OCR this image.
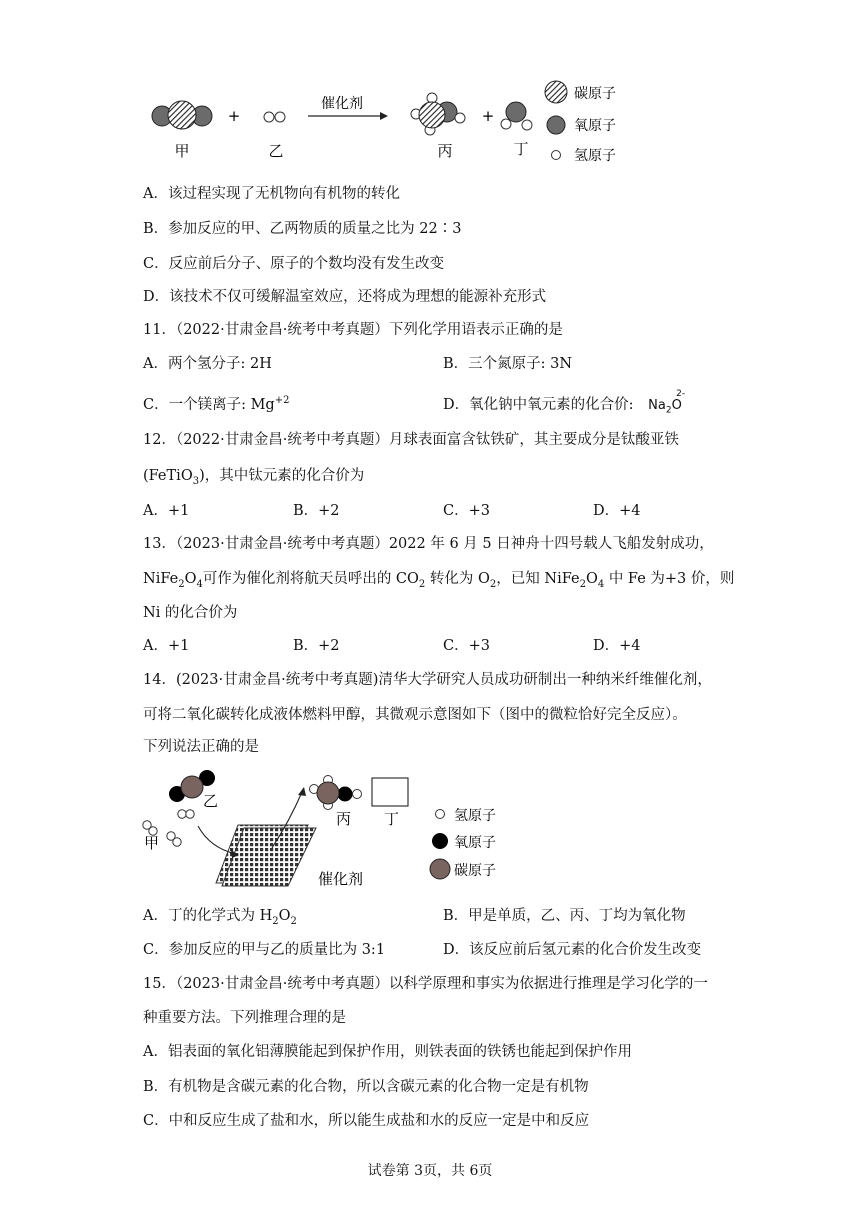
甲
+
乙
催化剂
丙
+
丁
碳原子
氧原子
氢原子
A．该过程实现了无机物向有机物的转化
B．参加反应的甲、乙两物质的质量之比为 22∶3
C．反应前后分子、原子的个数均没有发生改变
D．该技术不仅可缓解温室效应，还将成为理想的能源补充形式
11．（2022·甘肃金昌·统考中考真题）下列化学用语表示正确的是
A．两个氢分子: 2H	B．三个氮原子: 3N
C．一个镁离子: $Mg^{+2}$	D．氧化钠中氧元素的化合价: $Na_2O$
2-
12．（2022·甘肃金昌·统考中考真题）月球表面富含钛铁矿，其主要成分是钛酸亚铁
(FeTiO$_3$)，其中钛元素的化合价为
A．+1	B．+2	C．+3	D．+4
13．（2023·甘肃金昌·统考中考真题）2022 年 6 月 5 日神舟十四号载人飞船发射成功，
$NiFe_2O_4$可作为催化剂将航天员呼出的 $CO_2$ 转化为 $O_2$，已知 $NiFe_2O_4$ 中 Fe 为+3 价，则
Ni 的化合价为
A．+1	B．+2	C．+3	D．+4
14．(2023·甘肃金昌·统考中考真题)清华大学研究人员成功研制出一种纳米纤维催化剂，
可将二氧化碳转化成液体燃料甲醇，其微观示意图如下（图中的微粒恰好完全反应）。
下列说法正确的是
乙
甲
催化剂
丙 丁	氢原子
氧原子
碳原子
A．丁的化学式为 $H_2O_2$	B．甲是单质，乙、丙、丁均为氧化物
C．参加反应的甲与乙的质量比为 3:1	D．该反应前后氢元素的化合价发生改变
15．（2023·甘肃金昌·统考中考真题）以科学原理和事实为依据进行推理是学习化学的一
种重要方法。下列推理合理的是
A．铝表面的氧化铝薄膜能起到保护作用，则铁表面的铁锈也能起到保护作用
B．有机物是含碳元素的化合物，所以含碳元素的化合物一定是有机物
C．中和反应生成了盐和水，所以能生成盐和水的反应一定是中和反应
试卷第 3页，共 6页
